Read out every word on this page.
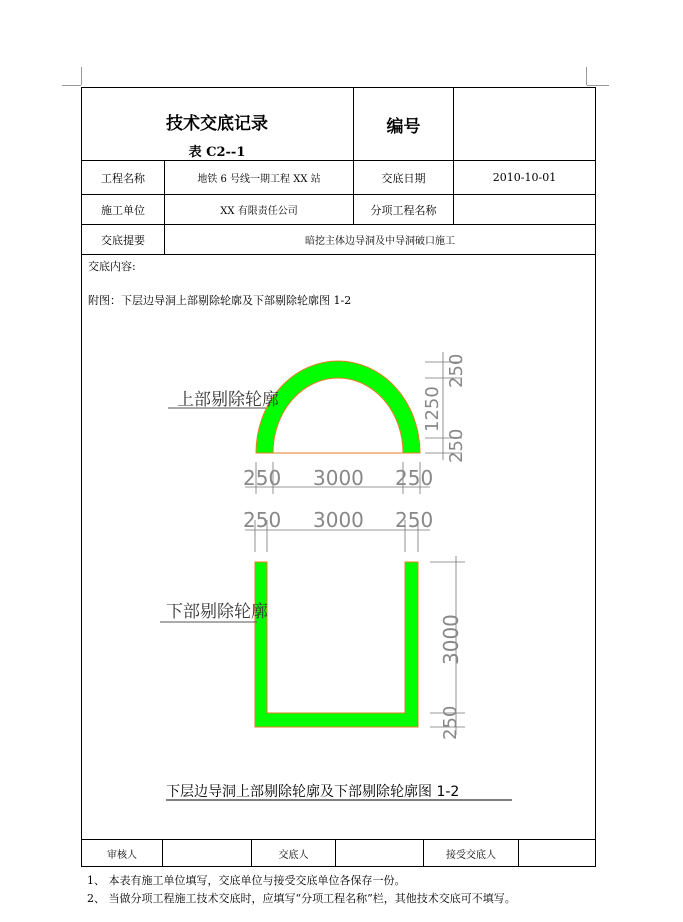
技术交底记录
表 C2--1
编号
工程名称	地铁 6 号线一期工程 XX 站	交底日期	2010-10-01
施工单位	XX 有限责任公司	分项工程名称
交底提要	暗挖主体边导洞及中导洞破口施工
交底内容:
附图：下层边导洞上部剔除轮廓及下部剔除轮廓图 1-2
审核人	交底人	接受交底人
上部剔除轮廓
下部剔除轮廓
250 3000 250
250 3000 250
250
1250
250
3000
250
下层边导洞上部剔除轮廓及下部剔除轮廓图 1-2
1、 本表有施工单位填写，交底单位与接受交底单位各保存一份。
2、 当做分项工程施工技术交底时，应填写“分项工程名称”栏，其他技术交底可不填写。
